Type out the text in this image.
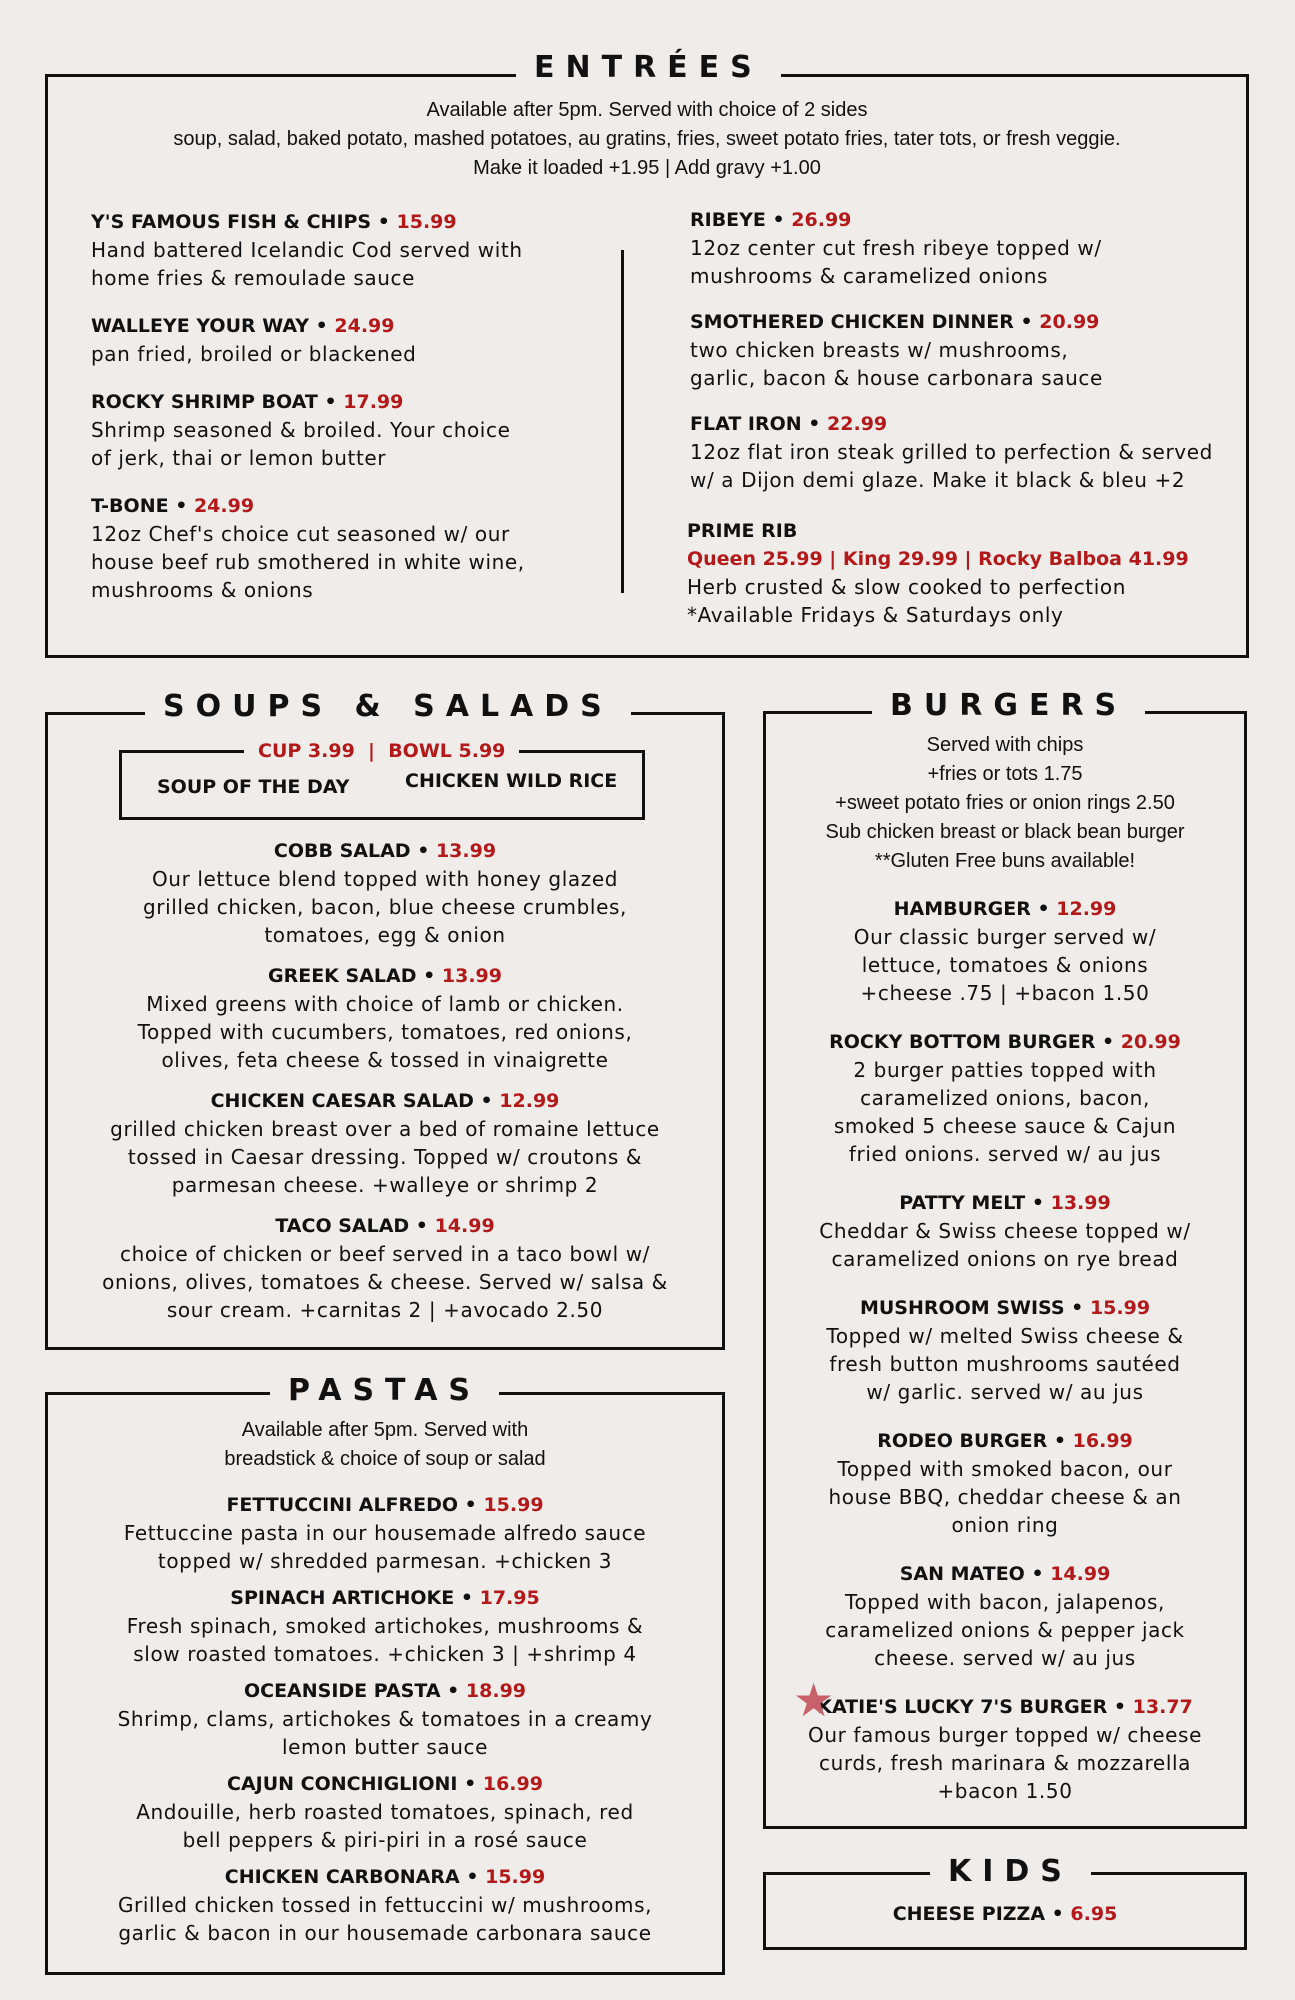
ENTRÉES
Available after 5pm. Served with choice of 2 sides
soup, salad, baked potato, mashed potatoes, au gratins, fries, sweet potato fries, tater tots, or fresh veggie.
Make it loaded +1.95 | Add gravy +1.00
Y'S FAMOUS FISH & CHIPS • 15.99
Hand battered Icelandic Cod served with
home fries & remoulade sauce
WALLEYE YOUR WAY • 24.99
pan fried, broiled or blackened
ROCKY SHRIMP BOAT • 17.99
Shrimp seasoned & broiled. Your choice
of jerk, thai or lemon butter
T-BONE • 24.99
12oz Chef's choice cut seasoned w/ our
house beef rub smothered in white wine,
mushrooms & onions
RIBEYE • 26.99
12oz center cut fresh ribeye topped w/
mushrooms & caramelized onions
SMOTHERED CHICKEN DINNER • 20.99
two chicken breasts w/ mushrooms,
garlic, bacon & house carbonara sauce
FLAT IRON • 22.99
12oz flat iron steak grilled to perfection & served
w/ a Dijon demi glaze. Make it black & bleu +2
PRIME RIB
Queen 25.99 | King 29.99 | Rocky Balboa 41.99
Herb crusted & slow cooked to perfection
*Available Fridays & Saturdays only
SOUPS & SALADS
CUP 3.99  |  BOWL 5.99
SOUP OF THE DAY	CHICKEN WILD RICE
COBB SALAD • 13.99
Our lettuce blend topped with honey glazed
grilled chicken, bacon, blue cheese crumbles,
tomatoes, egg & onion
GREEK SALAD • 13.99
Mixed greens with choice of lamb or chicken.
Topped with cucumbers, tomatoes, red onions,
olives, feta cheese & tossed in vinaigrette
CHICKEN CAESAR SALAD • 12.99
grilled chicken breast over a bed of romaine lettuce
tossed in Caesar dressing. Topped w/ croutons &
parmesan cheese. +walleye or shrimp 2
TACO SALAD • 14.99
choice of chicken or beef served in a taco bowl w/
onions, olives, tomatoes & cheese. Served w/ salsa &
sour cream. +carnitas 2 | +avocado 2.50
PASTAS
Available after 5pm. Served with
breadstick & choice of soup or salad
FETTUCCINI ALFREDO • 15.99
Fettuccine pasta in our housemade alfredo sauce
topped w/ shredded parmesan. +chicken 3
SPINACH ARTICHOKE • 17.95
Fresh spinach, smoked artichokes, mushrooms &
slow roasted tomatoes. +chicken 3 | +shrimp 4
OCEANSIDE PASTA • 18.99
Shrimp, clams, artichokes & tomatoes in a creamy
lemon butter sauce
CAJUN CONCHIGLIONI • 16.99
Andouille, herb roasted tomatoes, spinach, red
bell peppers & piri-piri in a rosé sauce
CHICKEN CARBONARA • 15.99
Grilled chicken tossed in fettuccini w/ mushrooms,
garlic & bacon in our housemade carbonara sauce
BURGERS
Served with chips
+fries or tots 1.75
+sweet potato fries or onion rings 2.50
Sub chicken breast or black bean burger
**Gluten Free buns available!
HAMBURGER • 12.99
Our classic burger served w/
lettuce, tomatoes & onions
+cheese .75 | +bacon 1.50
ROCKY BOTTOM BURGER • 20.99
2 burger patties topped with
caramelized onions, bacon,
smoked 5 cheese sauce & Cajun
fried onions. served w/ au jus
PATTY MELT • 13.99
Cheddar & Swiss cheese topped w/
caramelized onions on rye bread
MUSHROOM SWISS • 15.99
Topped w/ melted Swiss cheese &
fresh button mushrooms sautéed
w/ garlic. served w/ au jus
RODEO BURGER • 16.99
Topped with smoked bacon, our
house BBQ, cheddar cheese & an
onion ring
SAN MATEO • 14.99
Topped with bacon, jalapenos,
caramelized onions & pepper jack
cheese. served w/ au jus
KATIE'S LUCKY 7'S BURGER • 13.77
Our famous burger topped w/ cheese
curds, fresh marinara & mozzarella
+bacon 1.50
★
KIDS
CHEESE PIZZA • 6.95
